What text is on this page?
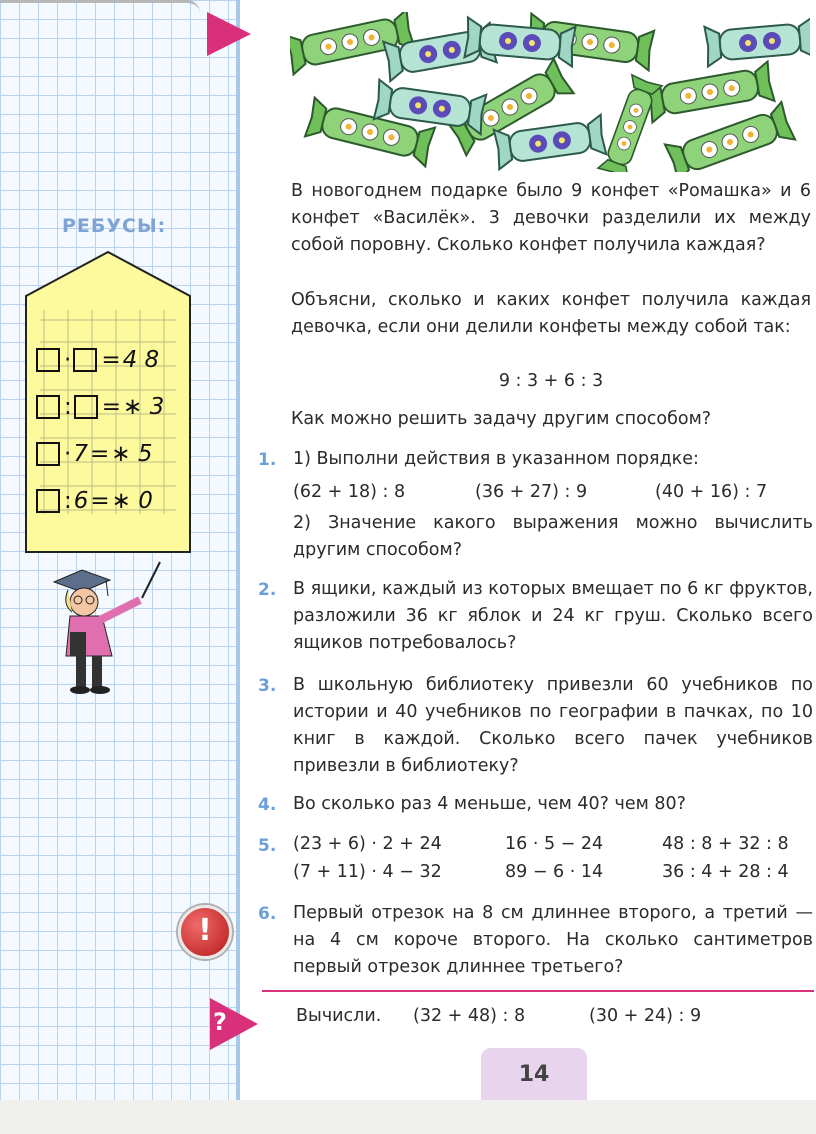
РЕБУСЫ:
· = 4 8
: = ∗ 3
· 7 = ∗ 5
: 6 = ∗ 0
!
В новогоднем подарке было 9 конфет «Ромашка» и 6 конфет «Василёк». 3 девочки разделили их между собой поровну. Сколько конфет получила каждая?
Объясни, сколько и каких конфет получила каждая девочка, если они делили конфеты между собой так:
9 : 3 + 6 : 3
Как можно решить задачу другим способом?
1. 1) Выполни действия в указанном порядке:
(62 + 18) : 8	(36 + 27) : 9	(40 + 16) : 7
2) Значение какого выражения можно вычислить другим способом?
2. В ящики, каждый из которых вмещает по 6 кг фруктов, разложили 36 кг яблок и 24 кг груш. Сколько всего ящиков потребовалось?
3. В школьную библиотеку привезли 60 учебников по истории и 40 учебников по географии в пачках, по 10 книг в каждой. Сколько всего пачек учебников привезли в библиотеку?
4. Во сколько раз 4 меньше, чем 40? чем 80?
5. (23 + 6) · 2 + 24	16 · 5 − 24	48 : 8 + 32 : 8
(7 + 11) · 4 − 32	89 − 6 · 14	36 : 4 + 28 : 4
6. Первый отрезок на 8 см длиннее второго, а третий — на 4 см короче второго. На сколько сантиметров первый отрезок длиннее третьего?
?	Вычисли. (32 + 48) : 8	(30 + 24) : 9
14
